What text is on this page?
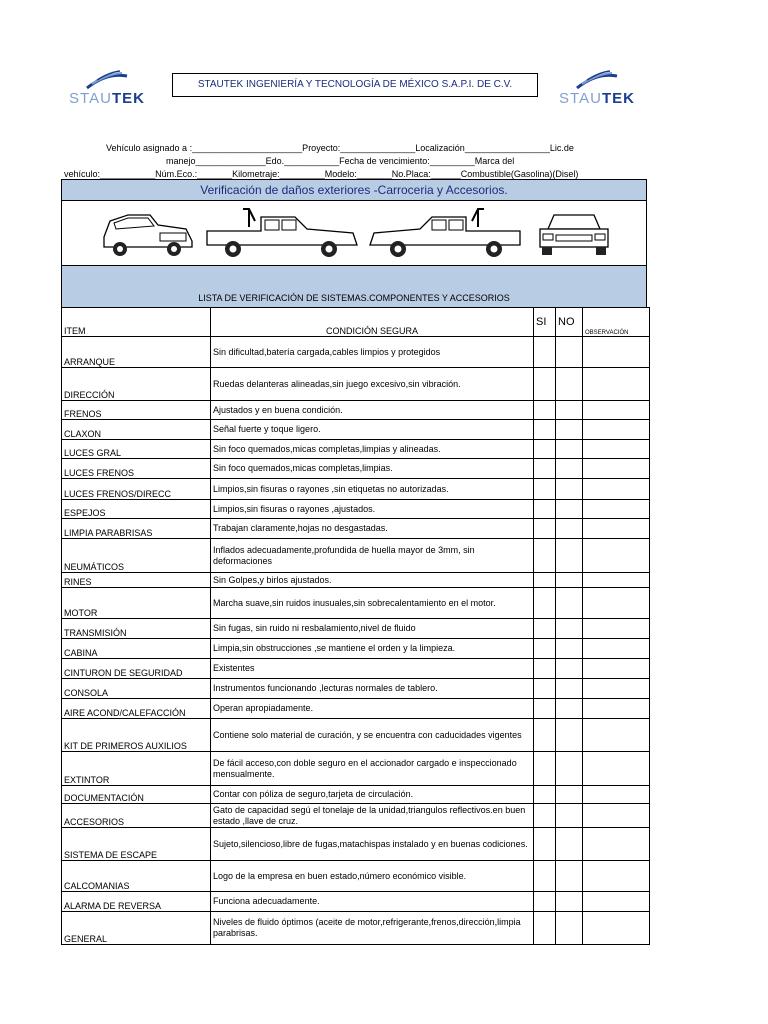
STAUTEK
STAUTEK INGENIERÍA Y TECNOLOGÍA DE MÉXICO S.A.P.I. DE C.V.
STAUTEK
Vehículo asignado a :______________________Proyecto:_______________Localización_________________Lic.de
manejo______________Edo.___________Fecha de vencimiento:_________Marca del
vehículo:___________Núm.Eco.:_______Kilometraje:_________Modelo:_______No.Placa:______Combustible(Gasolina)(Disel)
Verificación de daños exteriores -Carroceria y Accesorios.
LISTA DE VERIFICACIÓN DE SISTEMAS.COMPONENTES Y ACCESORIOS
ITEM	CONDICIÓN SEGURA	SI	NO	OBSERVACIÓN
ARRANQUE	Sin dificultad,batería cargada,cables limpios y protegidos			
DIRECCIÓN	Ruedas delanteras alineadas,sin juego excesivo,sin vibración.			
FRENOS	Ajustados y en buena condición.			
CLAXON	Señal fuerte y toque ligero.			
LUCES GRAL	Sin foco quemados,micas completas,limpias y alineadas.			
LUCES FRENOS	Sin foco quemados,micas completas,limpias.			
LUCES FRENOS/DIRECC	Limpios,sin fisuras o rayones ,sin etiquetas no autorizadas.			
ESPEJOS	Limpios,sin fisuras o rayones ,ajustados.			
LIMPIA PARABRISAS	Trabajan claramente,hojas no desgastadas.			
NEUMÁTICOS	Inflados adecuadamente,profundida de huella mayor de 3mm, sin deformaciones			
RINES	Sin Golpes,y birlos ajustados.			
MOTOR	Marcha suave,sin ruidos inusuales,sin sobrecalentamiento en el motor.			
TRANSMISIÓN	Sin fugas, sin ruido ni resbalamiento,nivel de fluido			
CABINA	Limpia,sin obstrucciones ,se mantiene el orden y la limpieza.			
CINTURON DE SEGURIDAD	Existentes			
CONSOLA	Instrumentos funcionando ,lecturas normales de tablero.			
AIRE ACOND/CALEFACCIÓN	Operan apropiadamente.			
KIT DE PRIMEROS AUXILIOS	Contiene solo material de curación, y se encuentra con caducidades vigentes			
EXTINTOR	De fácil acceso,con doble seguro en el accionador cargado e inspeccionado mensualmente.			
DOCUMENTACIÓN	Contar con póliza de seguro,tarjeta de circulación.			
ACCESORIOS	Gato de capacidad segú el tonelaje de la unidad,triangulos reflectivos.en buen estado ,llave de cruz.			
SISTEMA DE ESCAPE	Sujeto,silencioso,libre de fugas,matachispas instalado y en buenas codiciones.			
CALCOMANIAS	Logo de la empresa en buen estado,número económico visible.			
ALARMA DE REVERSA	Funciona adecuadamente.			
GENERAL	Niveles de fluido óptimos (aceite de motor,refrigerante,frenos,dirección,limpia parabrisas.			
